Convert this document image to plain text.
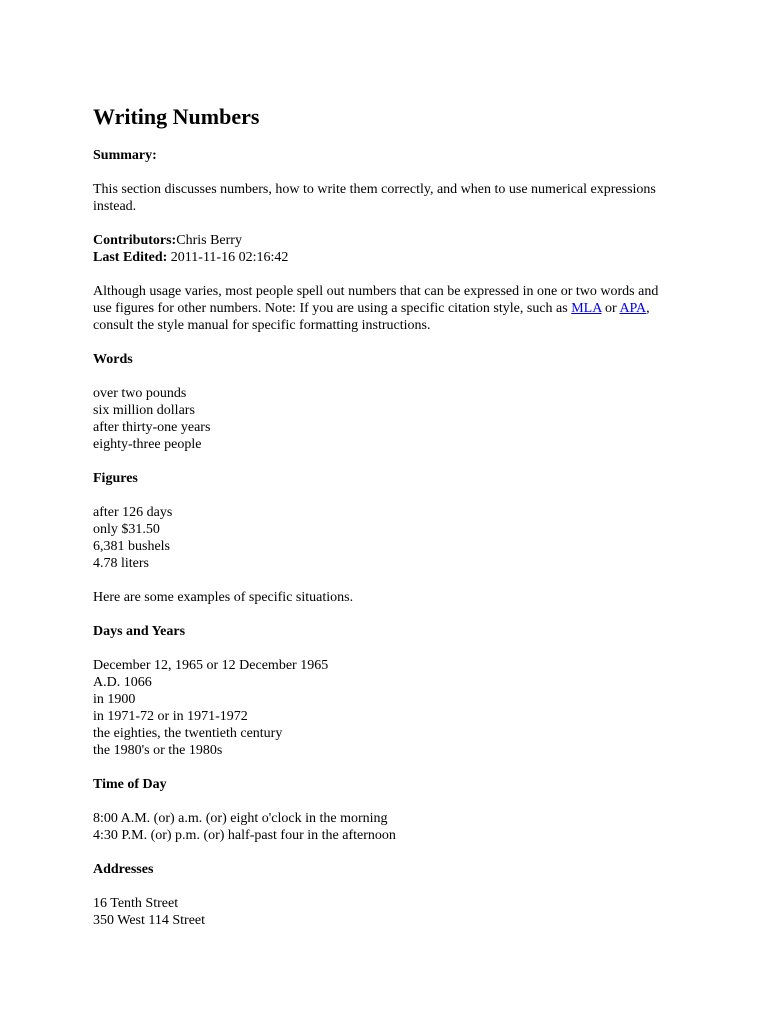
Writing Numbers
Summary:

This section discusses numbers, how to write them correctly, and when to use numerical expressions instead.

Contributors:Chris Berry
Last Edited: 2011-11-16 02:16:42

Although usage varies, most people spell out numbers that can be expressed in one or two words and use figures for other numbers. Note: If you are using a specific citation style, such as MLA or APA, consult the style manual for specific formatting instructions.

Words
over two pounds
six million dollars
after thirty-one years
eighty-three people
Figures
after 126 days
only $31.50
6,381 bushels
4.78 liters

Here are some examples of specific situations.

Days and Years
December 12, 1965 or 12 December 1965
A.D. 1066
in 1900
in 1971-72 or in 1971-1972
the eighties, the twentieth century
the 1980's or the 1980s
Time of Day
8:00 A.M. (or) a.m. (or) eight o'clock in the morning
4:30 P.M. (or) p.m. (or) half-past four in the afternoon
Addresses
16 Tenth Street
350 West 114 Street
